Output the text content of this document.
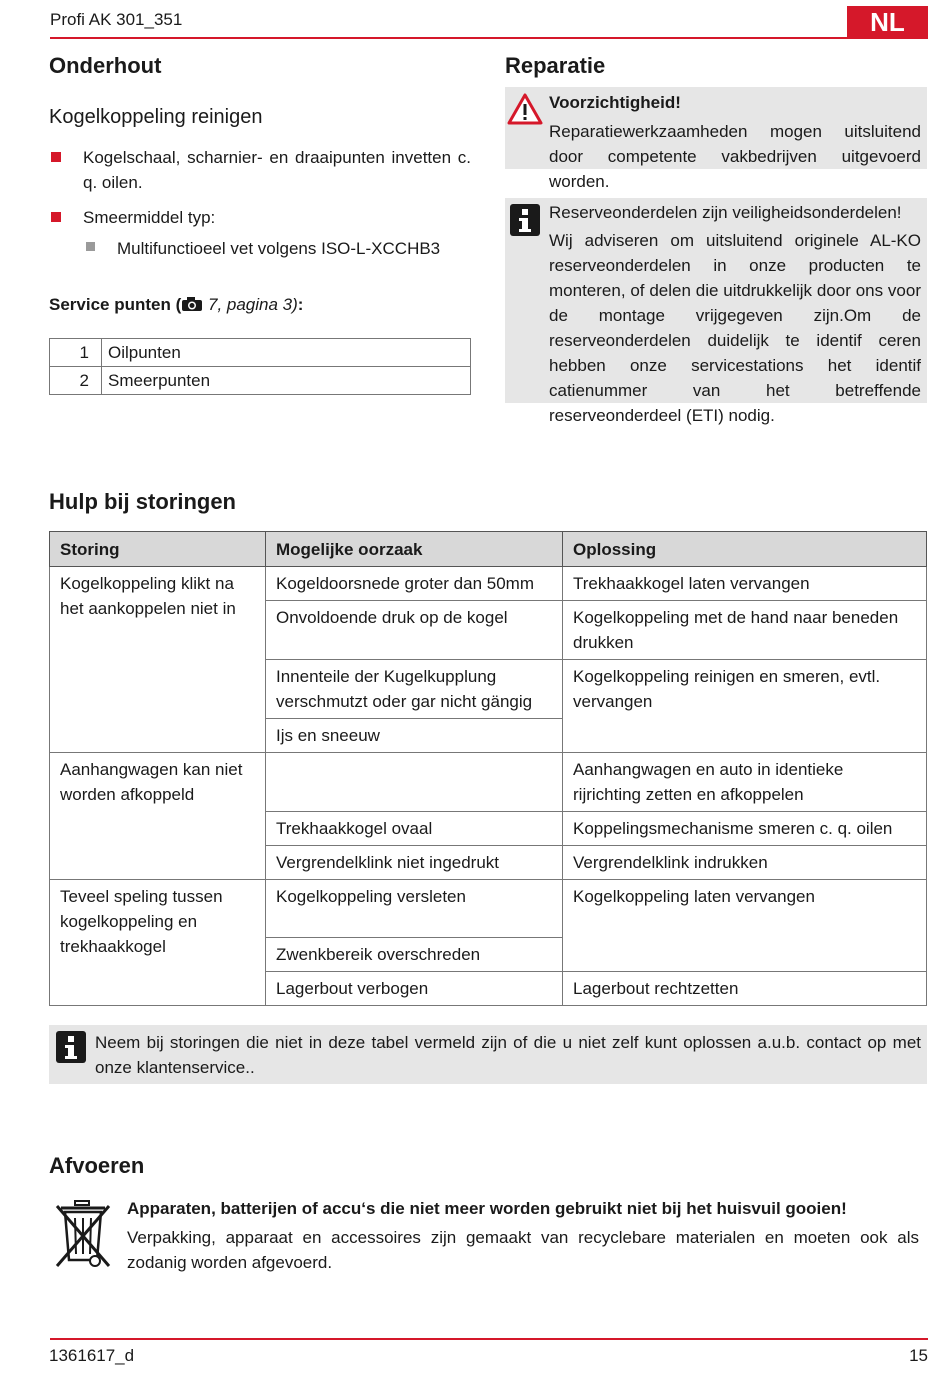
Profi AK 301_351	NL
Onderhout
Kogelkoppeling reinigen
Kogelschaal, scharnier- en draaipunten invetten c. q. oilen.
Smeermiddel typ:
Multifunctioeel vet volgens ISO-L-XCCHB3
Service punten ( 7, pagina 3):
1	Oilpunten
2	Smeerpunten
Reparatie
Voorzichtigheid!
Reparatiewerkzaamheden mogen uitsluitend door competente vakbedrijven uitgevoerd worden.
Reserveonderdelen zijn veiligheidsonderdelen!
Wij adviseren om uitsluitend originele AL-KO reserveonderdelen in onze producten te monteren, of delen die uitdrukkelijk door ons voor de montage vrijgegeven zijn.Om de reserveonderdelen duidelijk te identif ceren hebben onze servicestations het identif catienummer van het betreffende reserveonderdeel (ETI) nodig.
Hulp bij storingen
Storing	Mogelijke oorzaak	Oplossing
Kogelkoppeling klikt na het aankoppelen niet in	Kogeldoorsnede groter dan 50mm	Trekhaakkogel laten vervangen
	Onvoldoende druk op de kogel	Kogelkoppeling met de hand naar beneden drukken
	Innenteile der Kugelkupplung verschmutzt oder gar nicht gängig	Kogelkoppeling reinigen en smeren, evtl. vervangen
	Ijs en sneeuw	
Aanhangwagen kan niet worden afkoppeld		Aanhangwagen en auto in identieke rijrichting zetten en afkoppelen
	Trekhaakkogel ovaal	Koppelingsmechanisme smeren c. q. oilen
	Vergrendelklink niet ingedrukt	Vergrendelklink indrukken
Teveel speling tussen kogelkoppeling en trekhaakkogel	Kogelkoppeling versleten	Kogelkoppeling laten vervangen
	Zwenkbereik overschreden	
	Lagerbout verbogen	Lagerbout rechtzetten
Neem bij storingen die niet in deze tabel vermeld zijn of die u niet zelf kunt oplossen a.u.b. contact op met onze klantenservice..
Afvoeren
Apparaten, batterijen of accu‘s die niet meer worden gebruikt niet bij het huisvuil gooien!
Verpakking, apparaat en accessoires zijn gemaakt van recyclebare materialen en moeten ook als zodanig worden afgevoerd.
1361617_d	15
